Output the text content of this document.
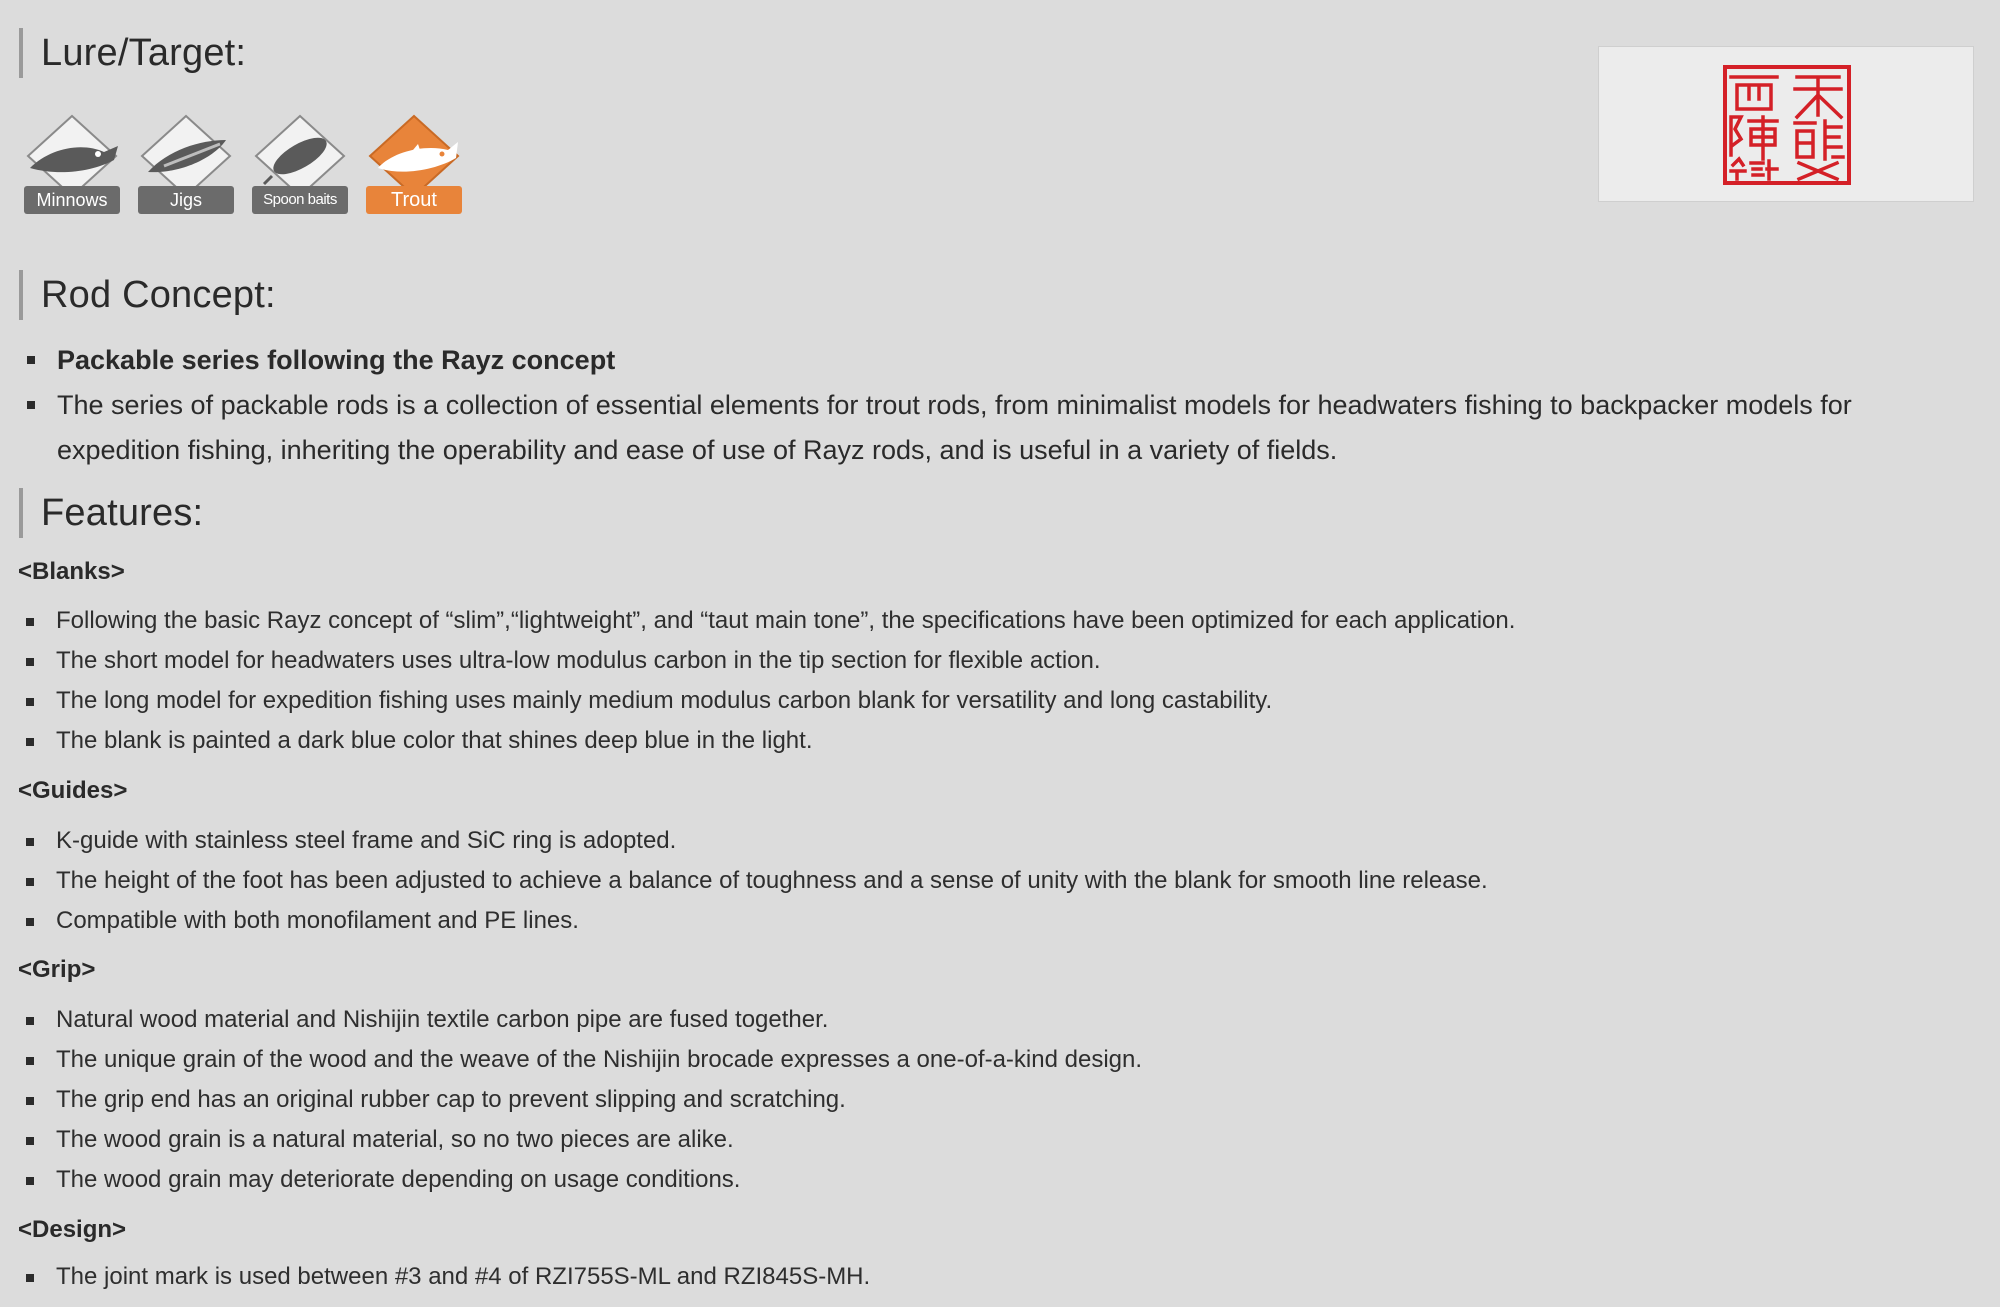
Lure/Target:
Minnows	Jigs	Spoon baits	Trout
Rod Concept:
Packable series following the Rayz concept
The series of packable rods is a collection of essential elements for trout rods, from minimalist models for headwaters fishing to backpacker models for expedition fishing, inheriting the operability and ease of use of Rayz rods, and is useful in a variety of fields.
Features:
<Blanks>
Following the basic Rayz concept of “slim”,“lightweight”, and “taut main tone”, the specifications have been optimized for each application.
The short model for headwaters uses ultra-low modulus carbon in the tip section for flexible action.
The long model for expedition fishing uses mainly medium modulus carbon blank for versatility and long castability.
The blank is painted a dark blue color that shines deep blue in the light.
<Guides>
K-guide with stainless steel frame and SiC ring is adopted.
The height of the foot has been adjusted to achieve a balance of toughness and a sense of unity with the blank for smooth line release.
Compatible with both monofilament and PE lines.
<Grip>
Natural wood material and Nishijin textile carbon pipe are fused together.
The unique grain of the wood and the weave of the Nishijin brocade expresses a one-of-a-kind design.
The grip end has an original rubber cap to prevent slipping and scratching.
The wood grain is a natural material, so no two pieces are alike.
The wood grain may deteriorate depending on usage conditions.
<Design>
The joint mark is used between #3 and #4 of RZI755S-ML and RZI845S-MH.
